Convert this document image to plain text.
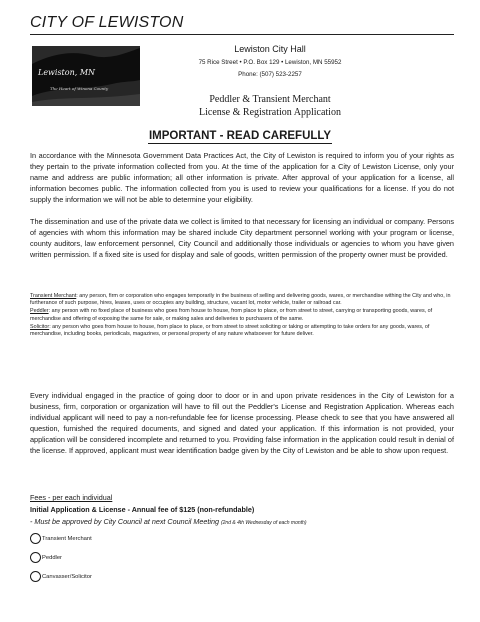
CITY OF LEWISTON
Lewiston, MN
The Heart of Winona County
Lewiston City Hall
75 Rice Street • P.O. Box 129 • Lewiston, MN 55952
Phone: (507) 523-2257
Peddler & Transient Merchant
License & Registration Application
IMPORTANT - READ CAREFULLY

In accordance with the Minnesota Government Data Practices Act, the City of Lewiston is required to inform you of your rights as they pertain to the private information collected from you. At the time of the application for a City of Lewiston License, only your name and address are public information; all other information is private. After approval of your application for a license, all information becomes public. The information collected from you is used to review your qualifications for a license. If you do not supply the information we will not be able to determine your eligibility.

The dissemination and use of the private data we collect is limited to that necessary for licensing an individual or company. Persons of agencies with whom this information may be shared include City department personnel working with your program or license, county auditors, law enforcement personnel, City Council and additionally those individuals or agencies to whom you have given written permission. If a fixed site is used for display and sale of goods, written permission of the property owner must be provided.

Transient Merchant: any person, firm or corporation who engages temporarily in the business of selling and delivering goods, wares, or merchandise withing the City and who, in furtherance of such purpose, hires, leases, uses or occupies any building, structure, vacant lot, motor vehicle, trailer or railroad car.

Peddler: any person with no fixed place of business who goes from house to house, from place to place, or from street to street, carrying or transporting goods, wares, of merchandise and offering of exposing the same for sale, or making sales and deliveries to purchasers of the same.

Solicitor: any person who goes from house to house, from place to place, or from street to street soliciting or taking or attempting to take orders for any goods, wares, of merchandise, including books, periodicals, magazines, or personal property of any nature whatsoever for future deliver.

Every individual engaged in the practice of going door to door or in and upon private residences in the City of Lewiston for a business, firm, corporation or organization will have to fill out the Peddler's License and Registration Application. Whereas each individual applicant will need to pay a non-refundable fee for license processing. Please check to see that you have answered all question, furnished the required documents, and signed and dated your application. If this information is not provided, your application will be considered incomplete and returned to you. Providing false information in the application could result in denial of the license. If approved, applicant must wear identification badge given by the City of Lewiston and be able to show upon request.

Fees - per each individual
Initial Application & License - Annual fee of $125 (non-refundable)
- Must be approved by City Council at next Council Meeting (2nd & 4th Wednesday of each month)
Transient Merchant
Peddler
Canvasser/Solicitor
